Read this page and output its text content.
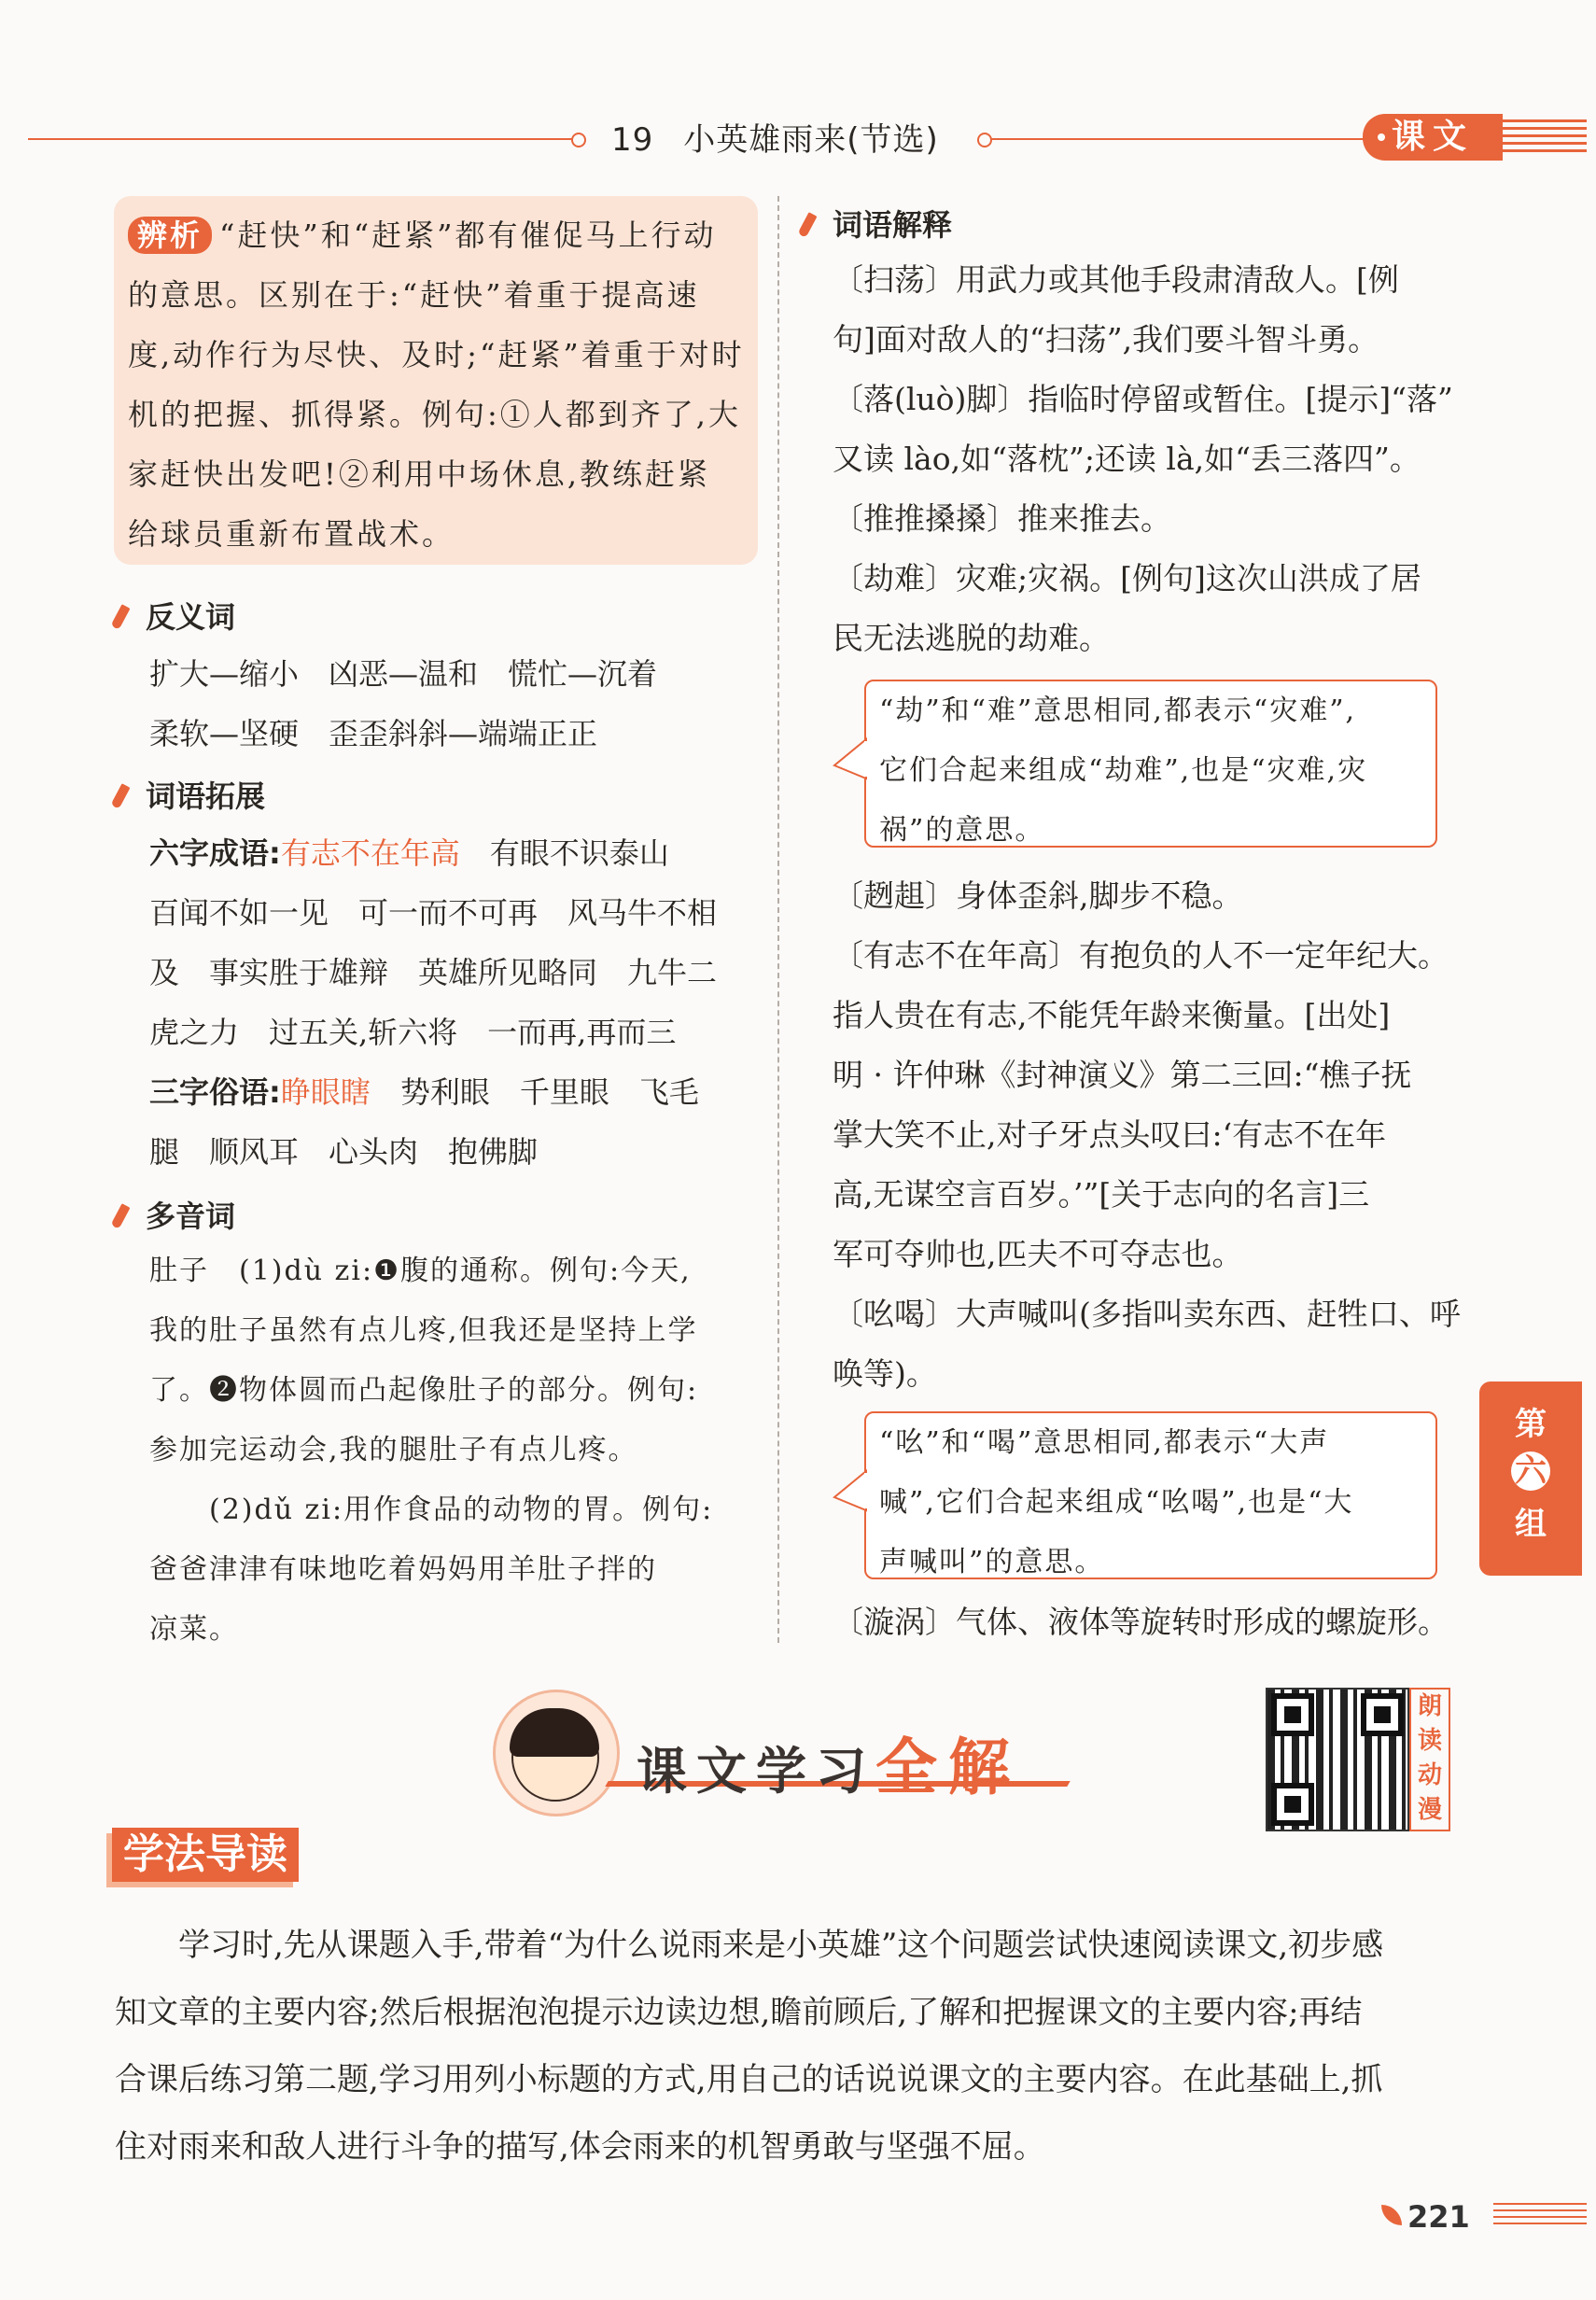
19 小英雄雨来(节选)	课文
辨析 “赶快”和“赶紧”都有催促马上行动
的意思。区别在于:“赶快”着重于提高速
度,动作行为尽快、及时;“赶紧”着重于对时
机的把握、抓得紧。例句:①人都到齐了,大
家赶快出发吧!②利用中场休息,教练赶紧
给球员重新布置战术。
反义词
扩大—缩小　凶恶—温和　慌忙—沉着
柔软—坚硬　歪歪斜斜—端端正正
词语拓展
六字成语:有志不在年高　有眼不识泰山
百闻不如一见　可一而不可再　风马牛不相
及　事实胜于雄辩　英雄所见略同　九牛二
虎之力　过五关,斩六将　一而再,再而三
三字俗语:睁眼瞎　势利眼　千里眼　飞毛
腿　顺风耳　心头肉　抱佛脚
多音词
肚子　(1)dù zi:❶腹的通称。例句:今天,
我的肚子虽然有点儿疼,但我还是坚持上学
了。❷物体圆而凸起像肚子的部分。例句:
参加完运动会,我的腿肚子有点儿疼。
　　(2)dǔ zi:用作食品的动物的胃。例句:
爸爸津津有味地吃着妈妈用羊肚子拌的
凉菜。
词语解释
〔扫荡〕用武力或其他手段肃清敌人。[例
句]面对敌人的“扫荡”,我们要斗智斗勇。
〔落(luò)脚〕指临时停留或暂住。[提示]“落”
又读 lào,如“落枕”;还读 là,如“丢三落四”。
〔推推搡搡〕推来推去。
〔劫难〕灾难;灾祸。[例句]这次山洪成了居
民无法逃脱的劫难。
“劫”和“难”意思相同,都表示“灾难”,
它们合起来组成“劫难”,也是“灾难,灾
祸”的意思。
〔趔趄〕身体歪斜,脚步不稳。
〔有志不在年高〕有抱负的人不一定年纪大。
指人贵在有志,不能凭年龄来衡量。[出处]
明 · 许仲琳《封神演义》第二三回:“樵子抚
掌大笑不止,对子牙点头叹曰:‘有志不在年
高,无谋空言百岁。’”[关于志向的名言]三
军可夺帅也,匹夫不可夺志也。
〔吆喝〕大声喊叫(多指叫卖东西、赶牲口、呼
唤等)。
“吆”和“喝”意思相同,都表示“大声
喊”,它们合起来组成“吆喝”,也是“大
声喊叫”的意思。
〔漩涡〕气体、液体等旋转时形成的螺旋形。
第
六
组
课文学习全解
朗
读
动
漫
学法导读
　　学习时,先从课题入手,带着“为什么说雨来是小英雄”这个问题尝试快速阅读课文,初步感
知文章的主要内容;然后根据泡泡提示边读边想,瞻前顾后,了解和把握课文的主要内容;再结
合课后练习第二题,学习用列小标题的方式,用自己的话说说课文的主要内容。在此基础上,抓
住对雨来和敌人进行斗争的描写,体会雨来的机智勇敢与坚强不屈。
221
